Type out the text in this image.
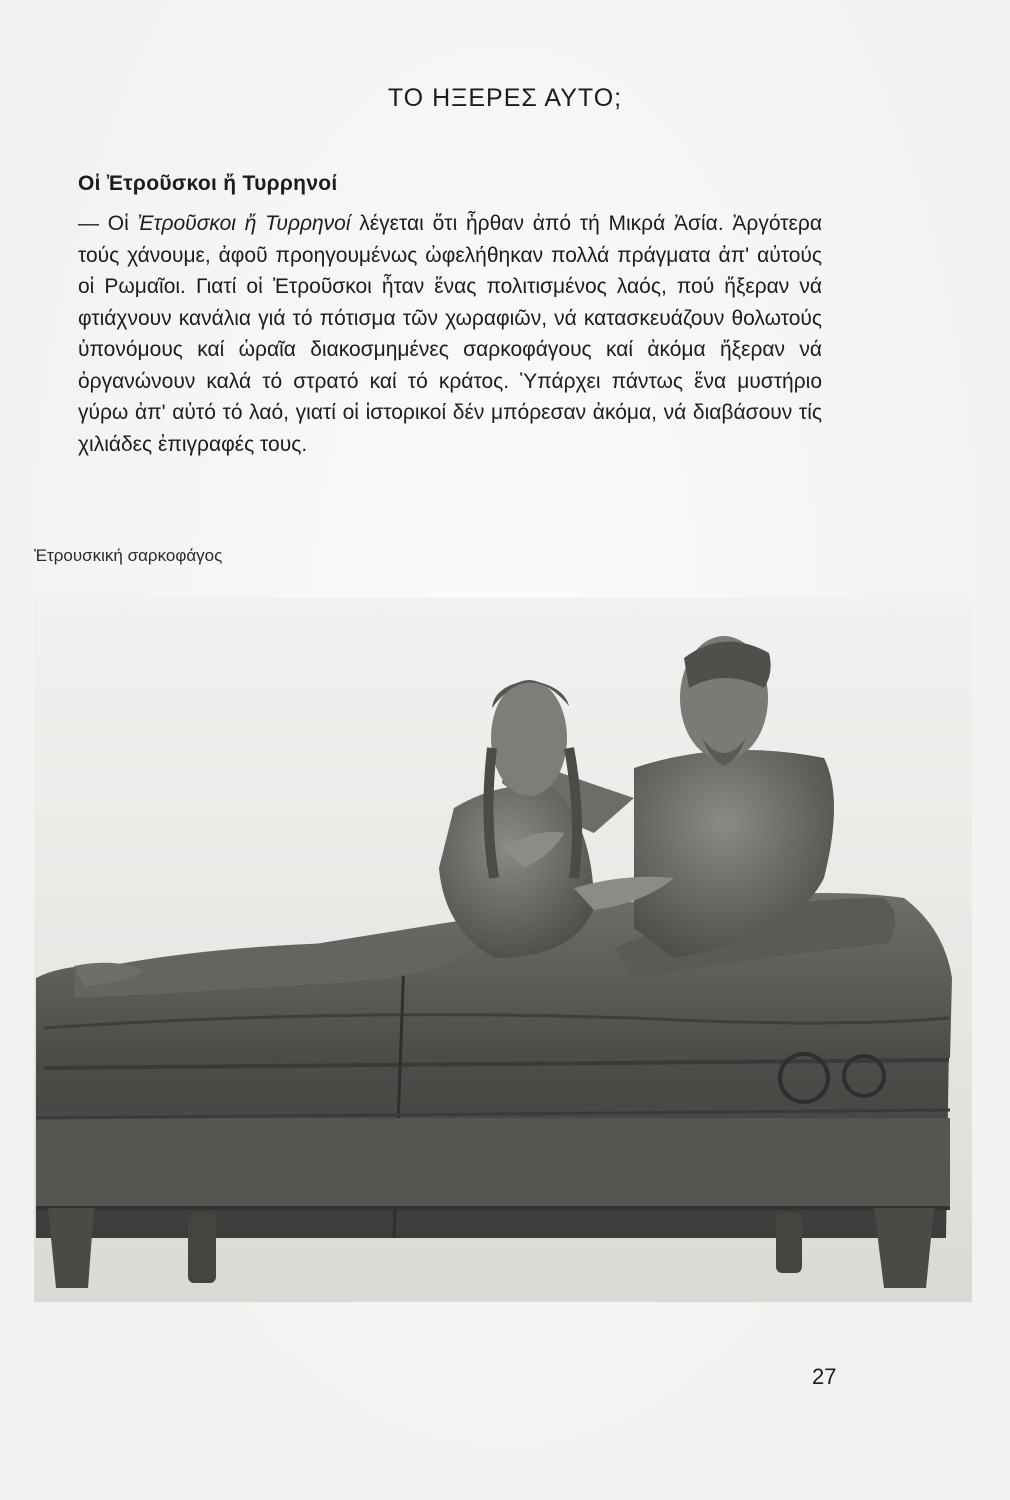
ΤΟ ΗΞΕΡΕΣ ΑΥΤΟ;
Οἱ Ἐτροῦσκοι ἤ Τυρρηνοί

— Οἱ Ἐτροῦσκοι ἤ Τυρρηνοί λέγεται ὅτι ἦρθαν ἀπό τή Μικρά Ἀσία. Ἀργότερα τούς χάνουμε, ἀφοῦ προηγουμένως ὠφελήθηκαν πολλά πράγματα ἀπ' αὐτούς οἱ Ρωμαῖοι. Γιατί οἱ Ἐτροῦσκοι ἦταν ἕνας πολιτισμένος λαός, πού ἤξεραν νά φτιάχνουν κανάλια γιά τό πότισμα τῶν χωραφιῶν, νά κατασκευάζουν θολωτούς ὑπονόμους καί ὡραῖα διακοσμημένες σαρκοφάγους καί ἀκόμα ἤξεραν νά ὀργανώνουν καλά τό στρατό καί τό κράτος. Ὑπάρχει πάντως ἕνα μυστήριο γύρω ἀπ' αὐτό τό λαό, γιατί οἱ ἱστορικοί δέν μπόρεσαν ἀκόμα, νά διαβάσουν τίς χιλιάδες ἐπιγραφές τους.

Ἐτρουσκική σαρκοφάγος

27
